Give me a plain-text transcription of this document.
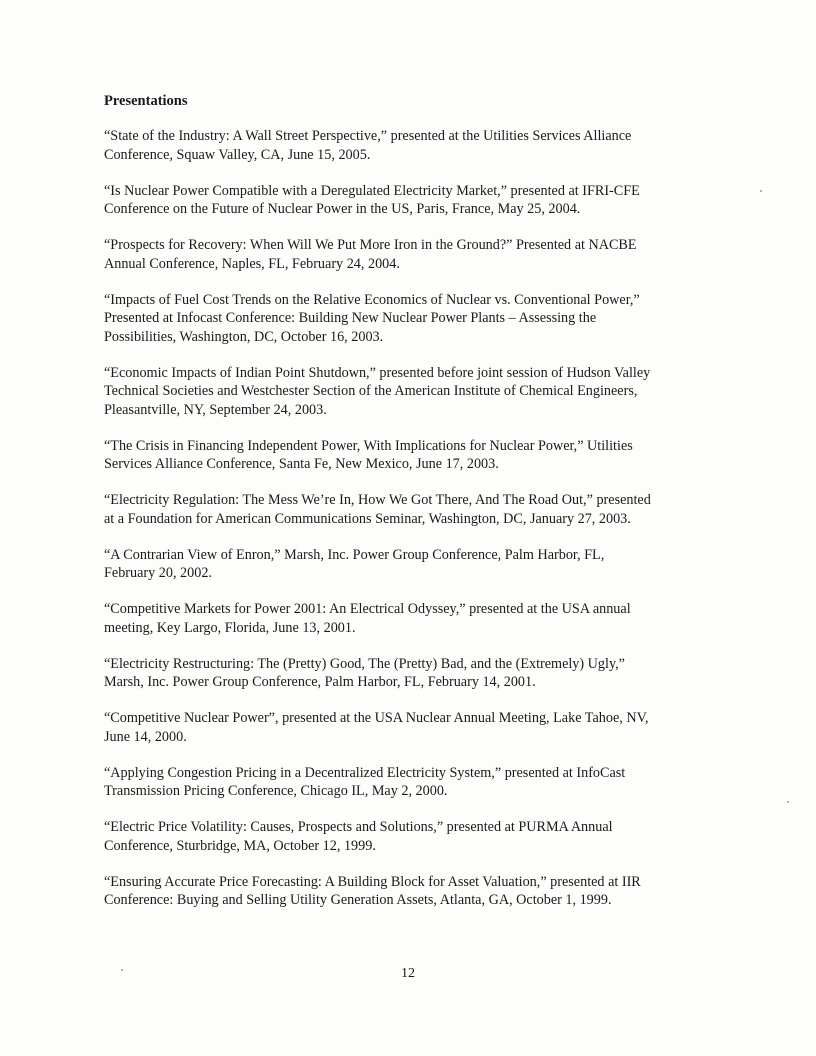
Presentations
“State of the Industry: A Wall Street Perspective,” presented at the Utilities Services Alliance
Conference, Squaw Valley, CA, June 15, 2005.
“Is Nuclear Power Compatible with a Deregulated Electricity Market,” presented at IFRI-CFE
Conference on the Future of Nuclear Power in the US, Paris, France, May 25, 2004.
“Prospects for Recovery: When Will We Put More Iron in the Ground?” Presented at NACBE
Annual Conference, Naples, FL, February 24, 2004.
“Impacts of Fuel Cost Trends on the Relative Economics of Nuclear vs. Conventional Power,”
Presented at Infocast Conference: Building New Nuclear Power Plants – Assessing the
Possibilities, Washington, DC, October 16, 2003.
“Economic Impacts of Indian Point Shutdown,” presented before joint session of Hudson Valley
Technical Societies and Westchester Section of the American Institute of Chemical Engineers,
Pleasantville, NY, September 24, 2003.
“The Crisis in Financing Independent Power, With Implications for Nuclear Power,” Utilities
Services Alliance Conference, Santa Fe, New Mexico, June 17, 2003.
“Electricity Regulation: The Mess We’re In, How We Got There, And The Road Out,” presented
at a Foundation for American Communications Seminar, Washington, DC, January 27, 2003.
“A Contrarian View of Enron,” Marsh, Inc. Power Group Conference, Palm Harbor, FL,
February 20, 2002.
“Competitive Markets for Power 2001: An Electrical Odyssey,” presented at the USA annual
meeting, Key Largo, Florida, June 13, 2001.
“Electricity Restructuring: The (Pretty) Good, The (Pretty) Bad, and the (Extremely) Ugly,”
Marsh, Inc. Power Group Conference, Palm Harbor, FL, February 14, 2001.
“Competitive Nuclear Power”, presented at the USA Nuclear Annual Meeting, Lake Tahoe, NV,
June 14, 2000.
“Applying Congestion Pricing in a Decentralized Electricity System,” presented at InfoCast
Transmission Pricing Conference, Chicago IL, May 2, 2000.
“Electric Price Volatility: Causes, Prospects and Solutions,” presented at PURMA Annual
Conference, Sturbridge, MA, October 12, 1999.
“Ensuring Accurate Price Forecasting: A Building Block for Asset Valuation,” presented at IIR
Conference: Buying and Selling Utility Generation Assets, Atlanta, GA, October 1, 1999.
12
